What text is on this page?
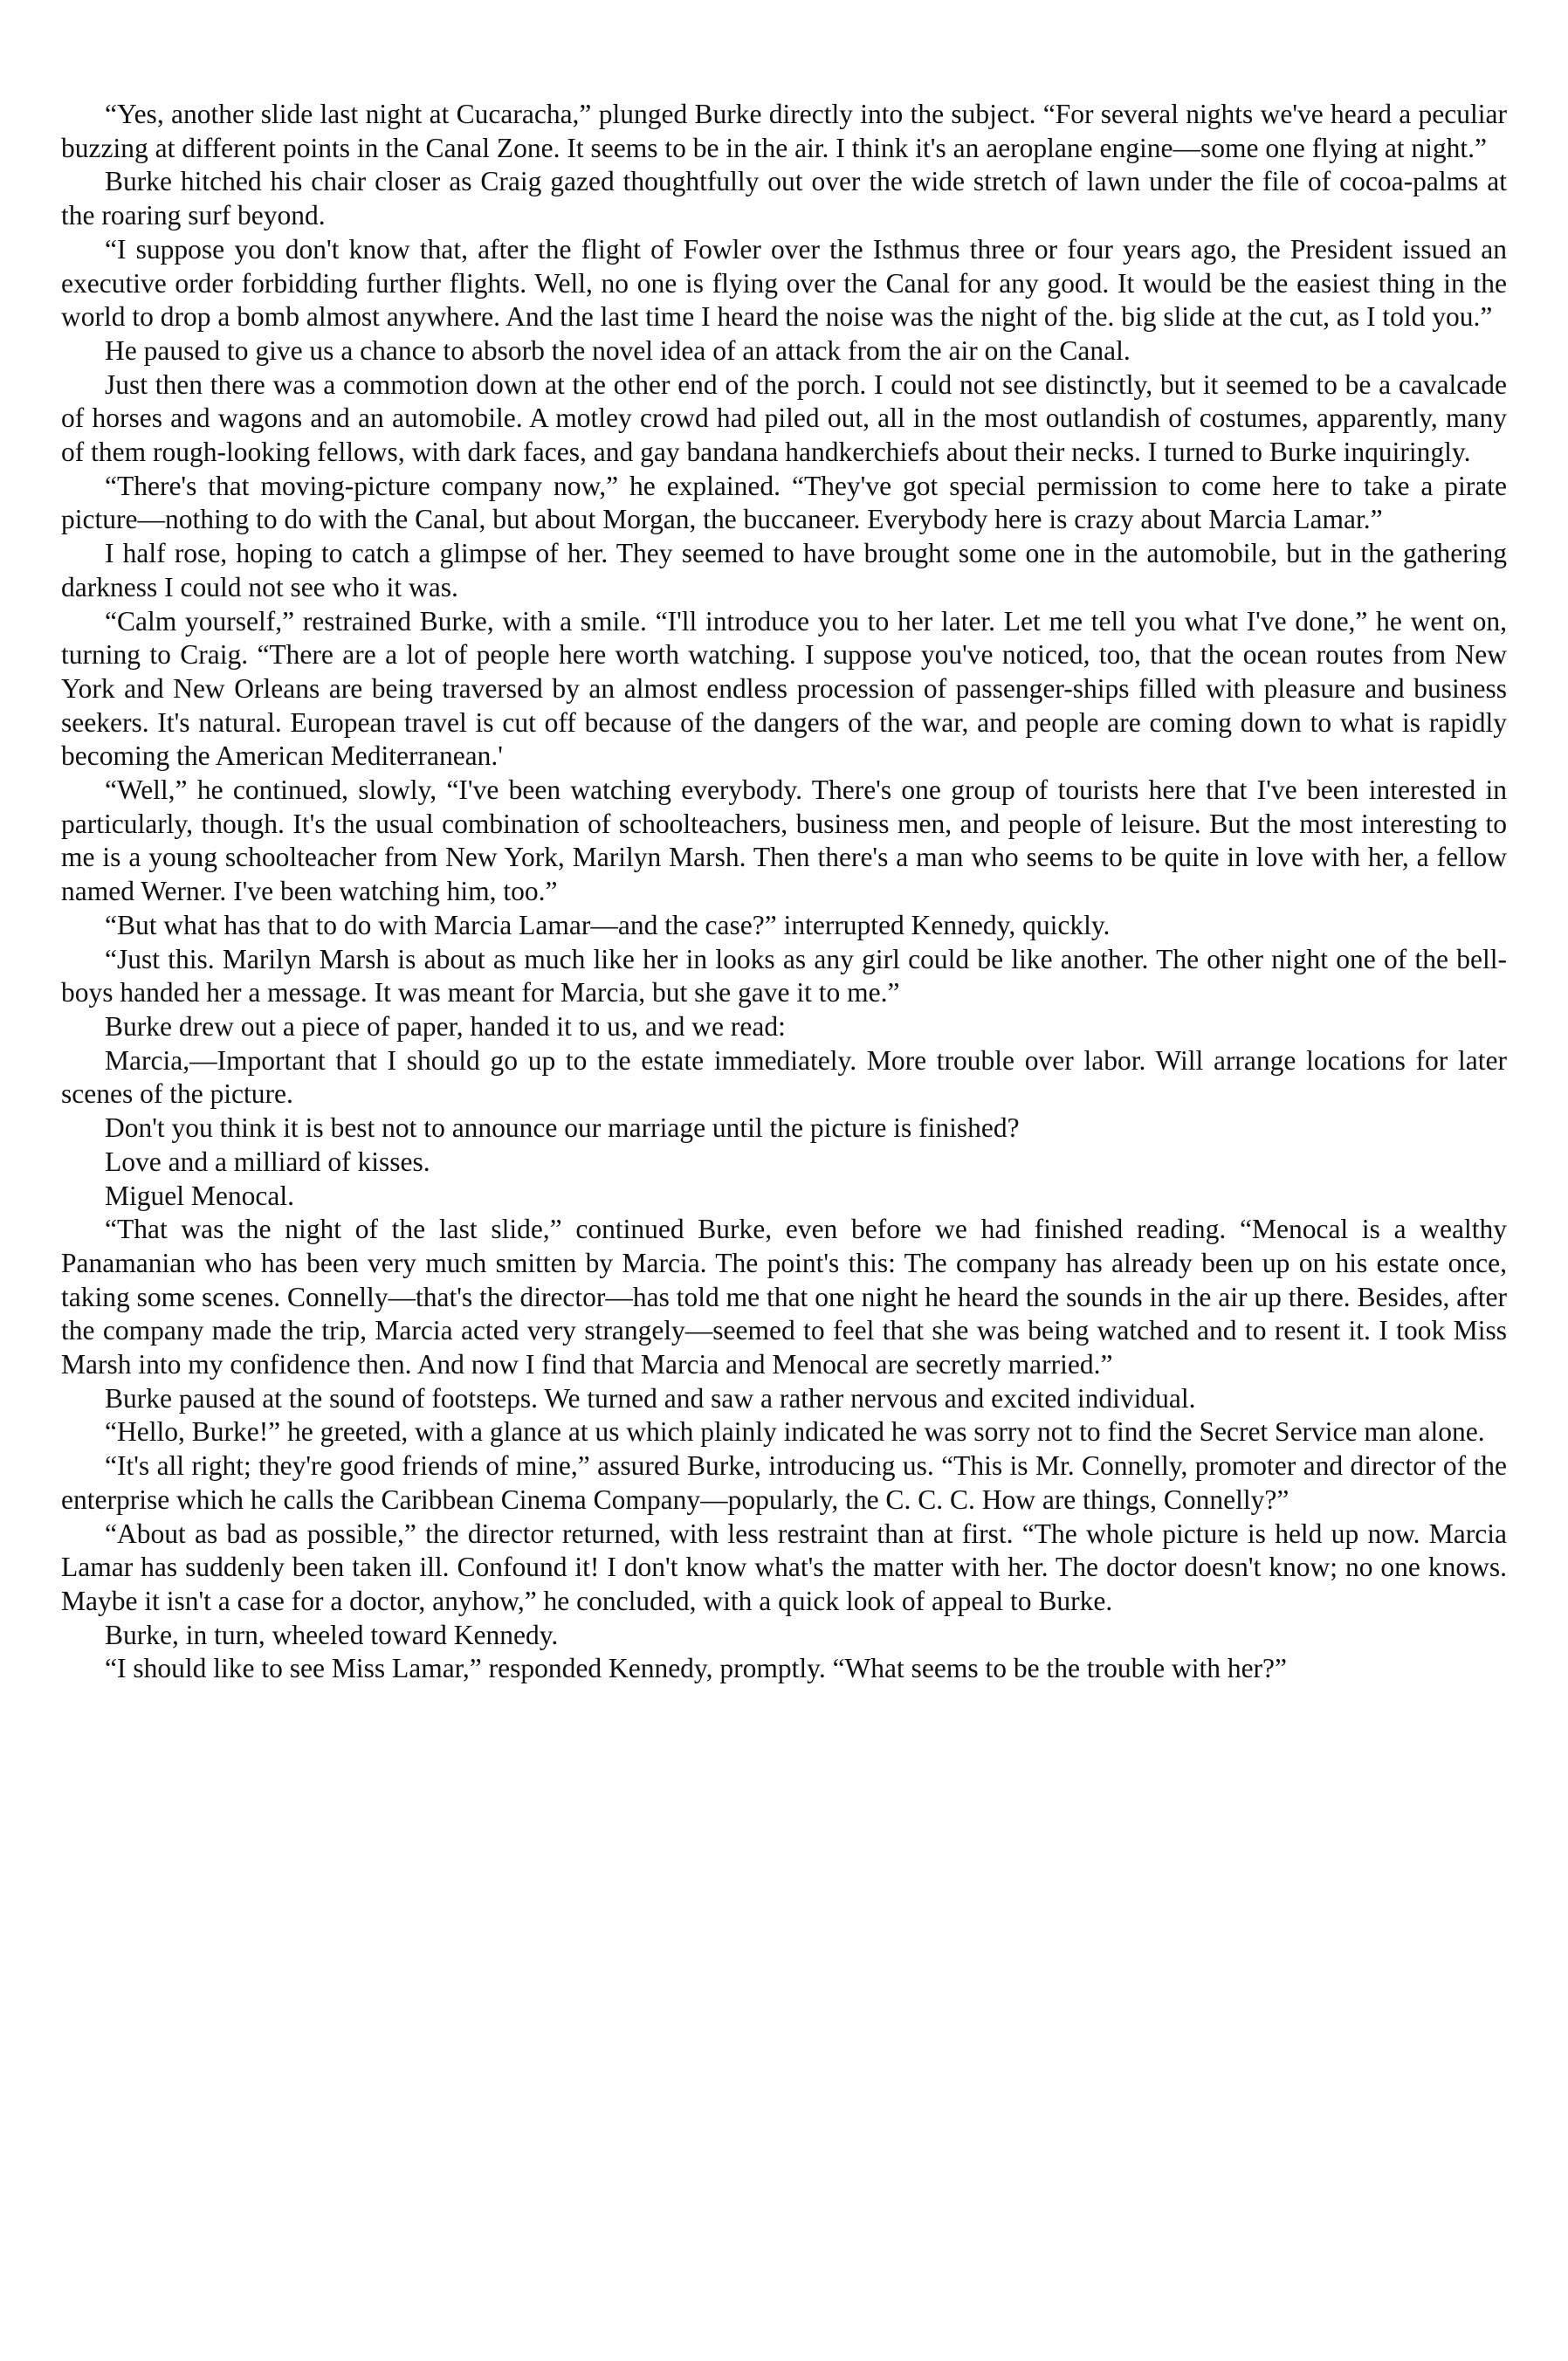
“Yes, another slide last night at Cucaracha,” plunged Burke directly into the subject. “For several nights we've heard a peculiar buzzing at different points in the Canal Zone. It seems to be in the air. I think it's an aeroplane engine—some one flying at night.”

Burke hitched his chair closer as Craig gazed thoughtfully out over the wide stretch of lawn under the file of cocoa-palms at the roaring surf beyond.

“I suppose you don't know that, after the flight of Fowler over the Isthmus three or four years ago, the President issued an executive order forbidding further flights. Well, no one is flying over the Canal for any good. It would be the easiest thing in the world to drop a bomb almost anywhere. And the last time I heard the noise was the night of the. big slide at the cut, as I told you.”

He paused to give us a chance to absorb the novel idea of an attack from the air on the Canal.

Just then there was a commotion down at the other end of the porch. I could not see distinctly, but it seemed to be a cavalcade of horses and wagons and an automobile. A motley crowd had piled out, all in the most outlandish of costumes, apparently, many of them rough-looking fellows, with dark faces, and gay bandana handkerchiefs about their necks. I turned to Burke inquiringly.

“There's that moving-picture company now,” he explained. “They've got special permission to come here to take a pirate picture—nothing to do with the Canal, but about Morgan, the buccaneer. Everybody here is crazy about Marcia Lamar.”

I half rose, hoping to catch a glimpse of her. They seemed to have brought some one in the automobile, but in the gathering darkness I could not see who it was.

“Calm yourself,” restrained Burke, with a smile. “I'll introduce you to her later. Let me tell you what I've done,” he went on, turning to Craig. “There are a lot of people here worth watching. I suppose you've noticed, too, that the ocean routes from New York and New Orleans are being traversed by an almost endless procession of passenger-ships filled with pleasure and business seekers. It's natural. European travel is cut off because of the dangers of the war, and people are coming down to what is rapidly becoming the American Mediterranean.'

“Well,” he continued, slowly, “I've been watching everybody. There's one group of tourists here that I've been interested in particularly, though. It's the usual combination of schoolteachers, business men, and people of leisure. But the most interesting to me is a young schoolteacher from New York, Marilyn Marsh. Then there's a man who seems to be quite in love with her, a fellow named Werner. I've been watching him, too.”

“But what has that to do with Marcia Lamar—and the case?” interrupted Kennedy, quickly.

“Just this. Marilyn Marsh is about as much like her in looks as any girl could be like another. The other night one of the bell-boys handed her a message. It was meant for Marcia, but she gave it to me.”

Burke drew out a piece of paper, handed it to us, and we read:

Marcia,—Important that I should go up to the estate immediately. More trouble over labor. Will arrange locations for later scenes of the picture.

Don't you think it is best not to announce our marriage until the picture is finished?

Love and a milliard of kisses.

Miguel Menocal.

“That was the night of the last slide,” continued Burke, even before we had finished reading. “Menocal is a wealthy Panamanian who has been very much smitten by Marcia. The point's this: The company has already been up on his estate once, taking some scenes. Connelly—that's the director—has told me that one night he heard the sounds in the air up there. Besides, after the company made the trip, Marcia acted very strangely—seemed to feel that she was being watched and to resent it. I took Miss Marsh into my confidence then. And now I find that Marcia and Menocal are secretly married.”

Burke paused at the sound of footsteps. We turned and saw a rather nervous and excited individual.

“Hello, Burke!” he greeted, with a glance at us which plainly indicated he was sorry not to find the Secret Service man alone.

“It's all right; they're good friends of mine,” assured Burke, introducing us. “This is Mr. Connelly, promoter and director of the enterprise which he calls the Caribbean Cinema Company—popularly, the C. C. C. How are things, Connelly?”

“About as bad as possible,” the director returned, with less restraint than at first. “The whole picture is held up now. Marcia Lamar has suddenly been taken ill. Confound it! I don't know what's the matter with her. The doctor doesn't know; no one knows. Maybe it isn't a case for a doctor, anyhow,” he concluded, with a quick look of appeal to Burke.

Burke, in turn, wheeled toward Kennedy.

“I should like to see Miss Lamar,” responded Kennedy, promptly. “What seems to be the trouble with her?”
